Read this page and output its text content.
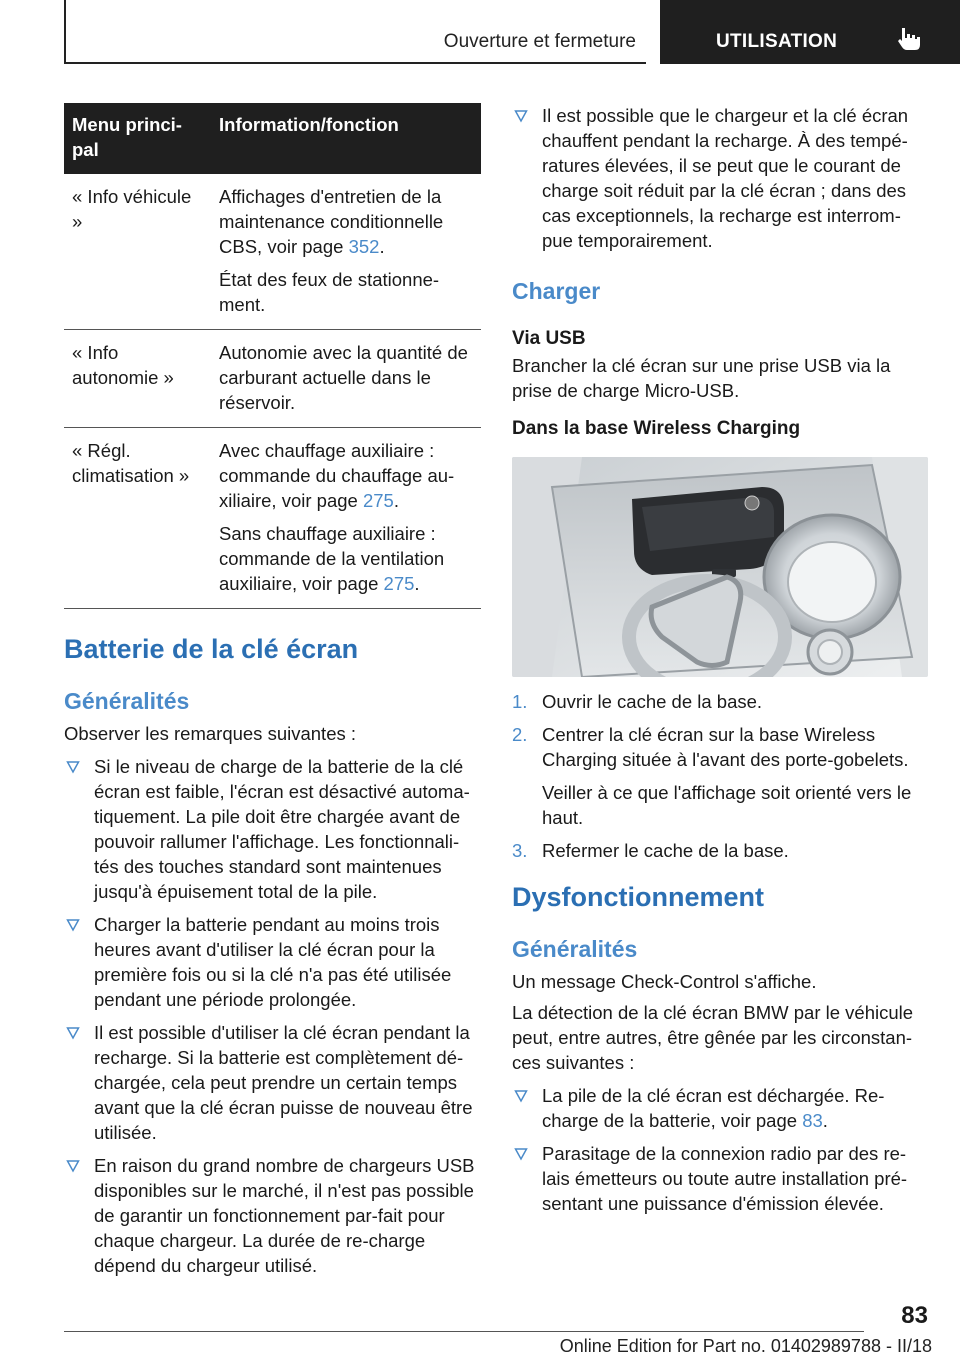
Ouverture et fermeture	UTILISATION
Menu princi-pal	Information/fonction
« Info véhicule »	Affichages d'entretien de la maintenance conditionnelle CBS, voir page 352.

État des feux de stationne-ment.

« Info autonomie »	Autonomie avec la quantité de carburant actuelle dans le réservoir.

« Régl. climatisation »	Avec chauffage auxiliaire : commande du chauffage au-xiliaire, voir page 275.

Sans chauffage auxiliaire : commande de la ventilation auxiliaire, voir page 275.

Batterie de la clé écran
Généralités

Observer les remarques suivantes :

Si le niveau de charge de la batterie de la clé écran est faible, l'écran est désactivé automa-tiquement. La pile doit être chargée avant de pouvoir rallumer l'affichage. Les fonctionnali-tés des touches standard sont maintenues jusqu'à épuisement total de la pile.
Charger la batterie pendant au moins trois heures avant d'utiliser la clé écran pour la première fois ou si la clé n'a pas été utilisée pendant une période prolongée.
Il est possible d'utiliser la clé écran pendant la recharge. Si la batterie est complètement dé-chargée, cela peut prendre un certain temps avant que la clé écran puisse de nouveau être utilisée.
En raison du grand nombre de chargeurs USB disponibles sur le marché, il n'est pas possible de garantir un fonctionnement par-fait pour chaque chargeur. La durée de re-charge dépend du chargeur utilisé.
Il est possible que le chargeur et la clé écran chauffent pendant la recharge. À des tempé-ratures élevées, il se peut que le courant de charge soit réduit par la clé écran ; dans des cas exceptionnels, la recharge est interrom-pue temporairement.
Charger
Via USB

Brancher la clé écran sur une prise USB via la prise de charge Micro-USB.

Dans la base Wireless Charging
1. Ouvrir le cache de la base.

2. Centrer la clé écran sur la base Wireless Charging située à l'avant des porte-gobelets.

Veiller à ce que l'affichage soit orienté vers le haut.

3. Refermer le cache de la base.

Dysfonctionnement
Généralités

Un message Check-Control s'affiche.

La détection de la clé écran BMW par le véhicule peut, entre autres, être gênée par les circonstan-ces suivantes :

La pile de la clé écran est déchargée. Re-charge de la batterie, voir page 83.
Parasitage de la connexion radio par des re-lais émetteurs ou toute autre installation pré-sentant une puissance d'émission élevée.
83
Online Edition for Part no. 01402989788 - II/18
